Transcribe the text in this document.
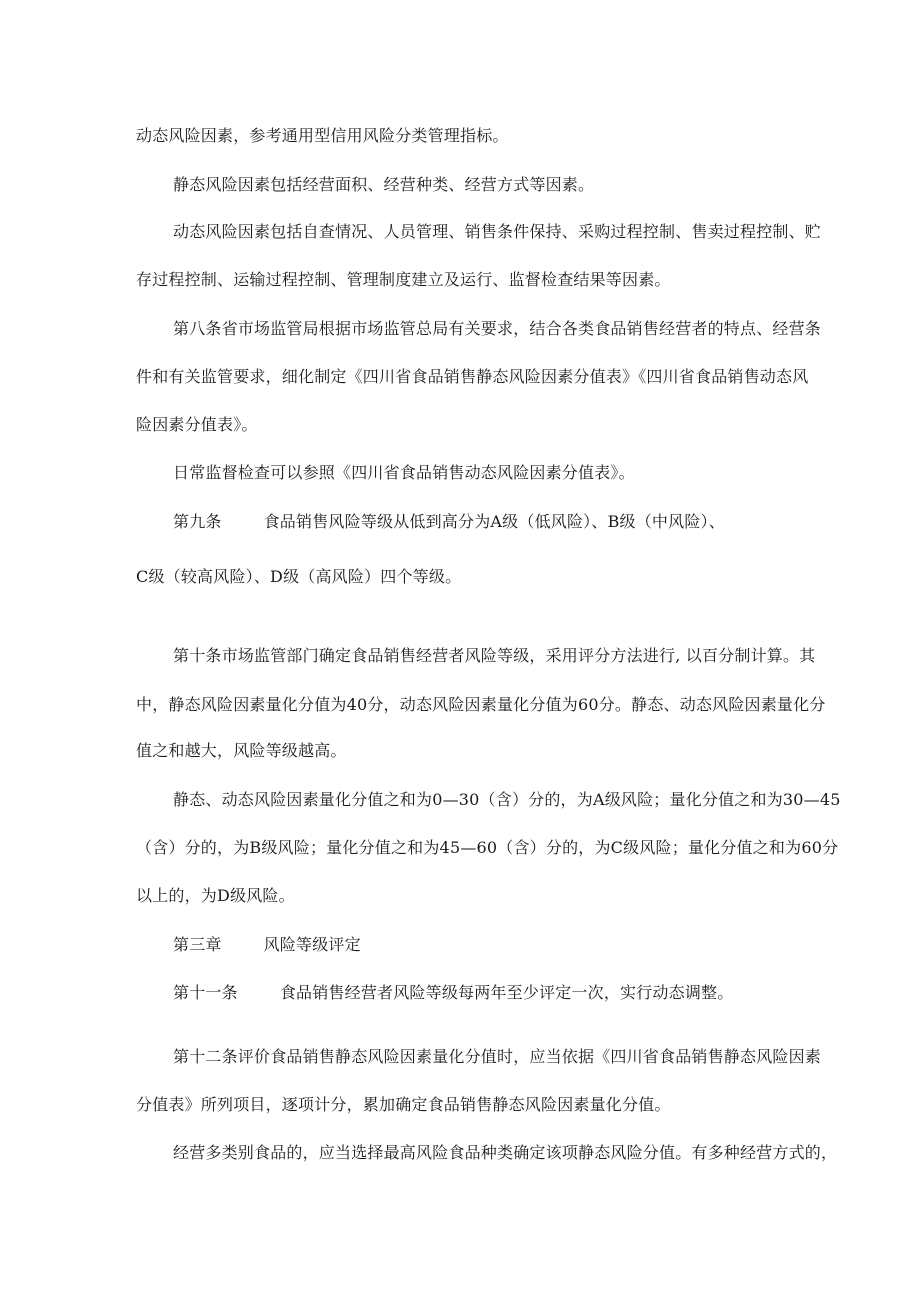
动态风险因素，参考通用型信用风险分类管理指标。
静态风险因素包括经营面积、经营种类、经营方式等因素。
动态风险因素包括自查情况、人员管理、销售条件保持、采购过程控制、售卖过程控制、贮
存过程控制、运输过程控制、管理制度建立及运行、监督检查结果等因素。
第八条省市场监管局根据市场监管总局有关要求，结合各类食品销售经营者的特点、经营条
件和有关监管要求，细化制定《四川省食品销售静态风险因素分值表》《四川省食品销售动态风
险因素分值表》。
日常监督检查可以参照《四川省食品销售动态风险因素分值表》。
第九条	食品销售风险等级从低到高分为A级（低风险）、B级（中风险）、
C级（较高风险）、D级（高风险）四个等级。
第十条市场监管部门确定食品销售经营者风险等级，采用评分方法进行, 以百分制计算。其
中，静态风险因素量化分值为40分，动态风险因素量化分值为60分。静态、动态风险因素量化分
值之和越大，风险等级越高。
静态、动态风险因素量化分值之和为0—30（含）分的，为A级风险；量化分值之和为30—45
（含）分的，为B级风险；量化分值之和为45—60（含）分的，为C级风险；量化分值之和为60分
以上的，为D级风险。
第三章	风险等级评定
第十一条	食品销售经营者风险等级每两年至少评定一次，实行动态调整。
第十二条评价食品销售静态风险因素量化分值时，应当依据《四川省食品销售静态风险因素
分值表》所列项目，逐项计分，累加确定食品销售静态风险因素量化分值。
经营多类别食品的，应当选择最高风险食品种类确定该项静态风险分值。有多种经营方式的，
